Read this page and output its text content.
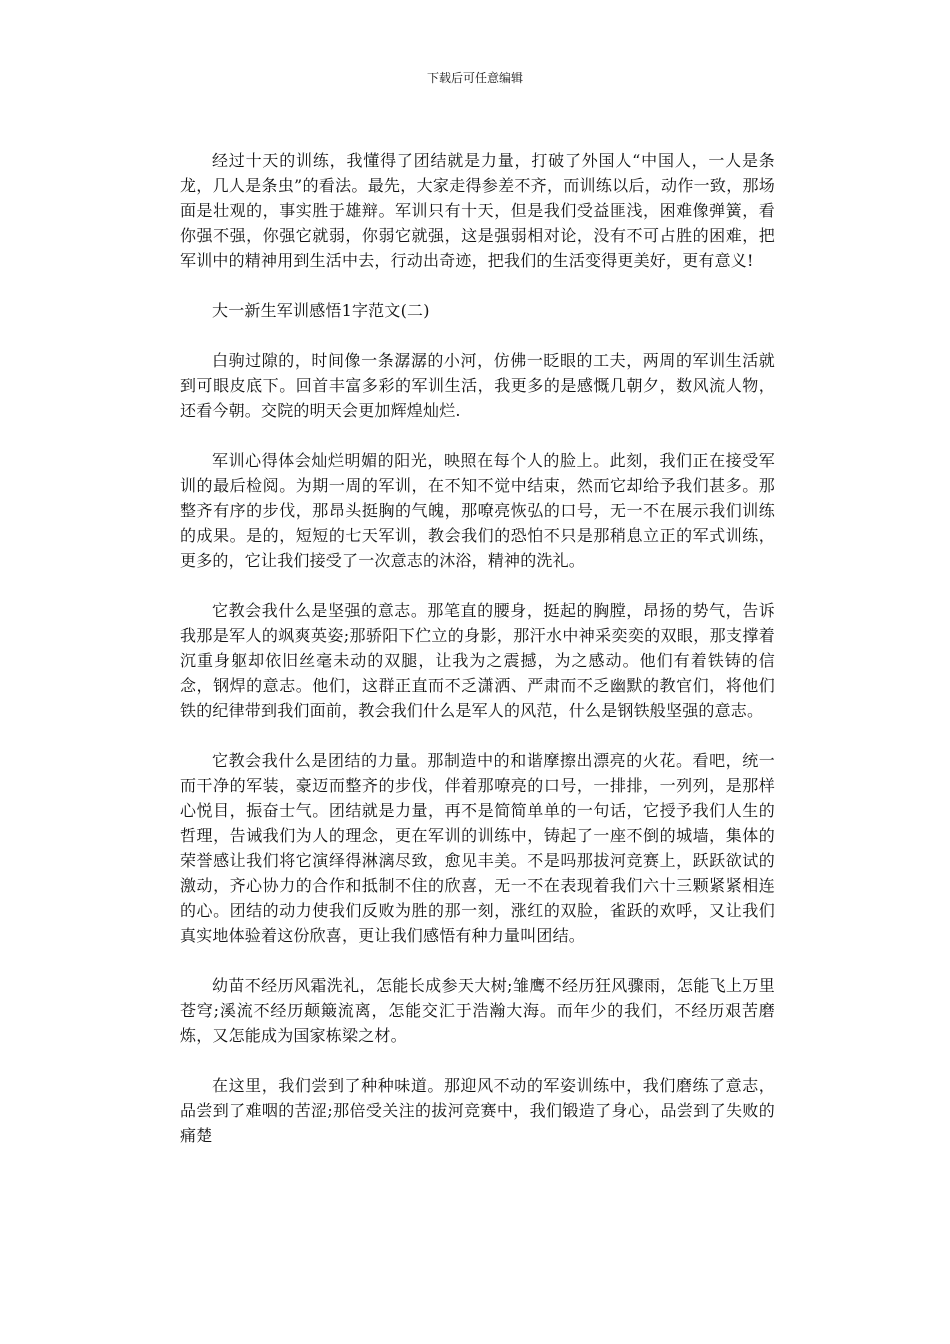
下载后可任意编辑

经过十天的训练，我懂得了团结就是力量，打破了外国人“中国人，一人是条龙，几人是条虫”的看法。最先，大家走得参差不齐，而训练以后，动作一致，那场面是壮观的，事实胜于雄辩。军训只有十天，但是我们受益匪浅，困难像弹簧，看你强不强，你强它就弱，你弱它就强，这是强弱相对论，没有不可占胜的困难，把军训中的精神用到生活中去，行动出奇迹，把我们的生活变得更美好，更有意义!

大一新生军训感悟1字范文(二)

白驹过隙的，时间像一条潺潺的小河，仿佛一眨眼的工夫，两周的军训生活就到可眼皮底下。回首丰富多彩的军训生活，我更多的是感慨几朝夕，数风流人物，还看今朝。交院的明天会更加辉煌灿烂.

军训心得体会灿烂明媚的阳光，映照在每个人的脸上。此刻，我们正在接受军训的最后检阅。为期一周的军训，在不知不觉中结束，然而它却给予我们甚多。那整齐有序的步伐，那昂头挺胸的气魄，那嘹亮恢弘的口号，无一不在展示我们训练的成果。是的，短短的七天军训，教会我们的恐怕不只是那稍息立正的军式训练，更多的，它让我们接受了一次意志的沐浴，精神的洗礼。

它教会我什么是坚强的意志。那笔直的腰身，挺起的胸膛，昂扬的势气，告诉我那是军人的飒爽英姿;那骄阳下伫立的身影，那汗水中神采奕奕的双眼，那支撑着沉重身躯却依旧丝毫未动的双腿，让我为之震撼，为之感动。他们有着铁铸的信念，钢焊的意志。他们，这群正直而不乏潇洒、严肃而不乏幽默的教官们，将他们铁的纪律带到我们面前，教会我们什么是军人的风范，什么是钢铁般坚强的意志。

它教会我什么是团结的力量。那制造中的和谐摩擦出漂亮的火花。看吧，统一而干净的军装，豪迈而整齐的步伐，伴着那嘹亮的口号，一排排，一列列，是那样心悦目，振奋士气。团结就是力量，再不是简简单单的一句话，它授予我们人生的哲理，告诫我们为人的理念，更在军训的训练中，铸起了一座不倒的城墙，集体的荣誉感让我们将它演绎得淋漓尽致，愈见丰美。不是吗那拔河竞赛上，跃跃欲试的激动，齐心协力的合作和抵制不住的欣喜，无一不在表现着我们六十三颗紧紧相连的心。团结的动力使我们反败为胜的那一刻，涨红的双脸，雀跃的欢呼，又让我们真实地体验着这份欣喜，更让我们感悟有种力量叫团结。

幼苗不经历风霜洗礼，怎能长成参天大树;雏鹰不经历狂风骤雨，怎能飞上万里苍穹;溪流不经历颠簸流离，怎能交汇于浩瀚大海。而年少的我们，不经历艰苦磨炼，又怎能成为国家栋梁之材。

在这里，我们尝到了种种味道。那迎风不动的军姿训练中，我们磨练了意志，品尝到了难咽的苦涩;那倍受关注的拔河竞赛中，我们锻造了身心，品尝到了失败的痛楚
